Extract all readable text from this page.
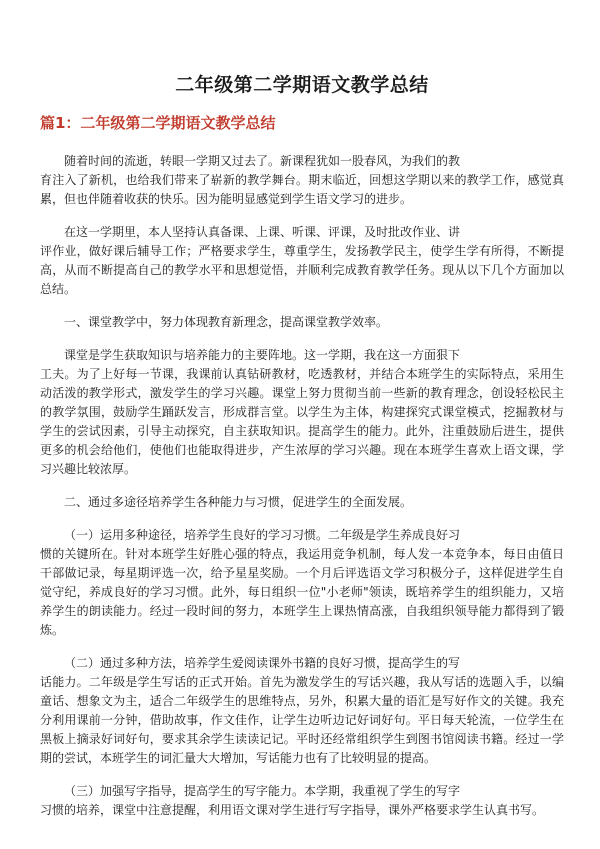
二年级第二学期语文教学总结
篇1：二年级第二学期语文教学总结
随着时间的流逝，转眼一学期又过去了。新课程犹如一股春风，为我们的教
育注入了新机，也给我们带来了崭新的教学舞台。期末临近，回想这学期以来的教学工作，感觉真累，但也伴随着收获的快乐。因为能明显感觉到学生语文学习的进步。
在这一学期里，本人坚持认真备课、上课、听课、评课，及时批改作业、讲
评作业，做好课后辅导工作；严格要求学生，尊重学生，发扬教学民主，使学生学有所得，不断提高，从而不断提高自己的教学水平和思想觉悟，并顺利完成教育教学任务。现从以下几个方面加以总结。
一、课堂教学中，努力体现教育新理念，提高课堂教学效率。
课堂是学生获取知识与培养能力的主要阵地。这一学期，我在这一方面狠下
工夫。为了上好每一节课，我课前认真钻研教材，吃透教材，并结合本班学生的实际特点，采用生动活泼的教学形式，激发学生的学习兴趣。课堂上努力贯彻当前一些新的教育理念，创设轻松民主的教学氛围，鼓励学生踊跃发言，形成群言堂。以学生为主体，构建探究式课堂模式，挖掘教材与学生的尝试因素，引导主动探究，自主获取知识。提高学生的能力。此外，注重鼓励后进生，提供更多的机会给他们，使他们也能取得进步，产生浓厚的学习兴趣。现在本班学生喜欢上语文课，学习兴趣比较浓厚。
二、通过多途径培养学生各种能力与习惯，促进学生的全面发展。
（一）运用多种途径，培养学生良好的学习习惯。二年级是学生养成良好习
惯的关键所在。针对本班学生好胜心强的特点，我运用竞争机制，每人发一本竞争本，每日由值日干部做记录，每星期评选一次，给予星星奖励。一个月后评选语文学习积极分子，这样促进学生自觉守纪，养成良好的学习习惯。此外，每日组织一位"小老师"领读，既培养学生的组织能力，又培养学生的朗读能力。经过一段时间的努力，本班学生上课热情高涨，自我组织领导能力都得到了锻炼。
（二）通过多种方法，培养学生爱阅读课外书籍的良好习惯，提高学生的写
话能力。二年级是学生写话的正式开始。首先为激发学生的写话兴趣，我从写话的选题入手，以编童话、想象文为主，适合二年级学生的思维特点，另外，积累大量的语汇是写好作文的关键。我充分利用课前一分钟，借助故事，作文佳作，让学生边听边记好词好句。平日每天轮流，一位学生在黑板上摘录好词好句，要求其余学生读读记记。平时还经常组织学生到图书馆阅读书籍。经过一学期的尝试，本班学生的词汇量大大增加，写话能力也有了比较明显的提高。
（三）加强写字指导，提高学生的写字能力。本学期，我重视了学生的写字
习惯的培养，课堂中注意提醒，利用语文课对学生进行写字指导，课外严格要求学生认真书写。
